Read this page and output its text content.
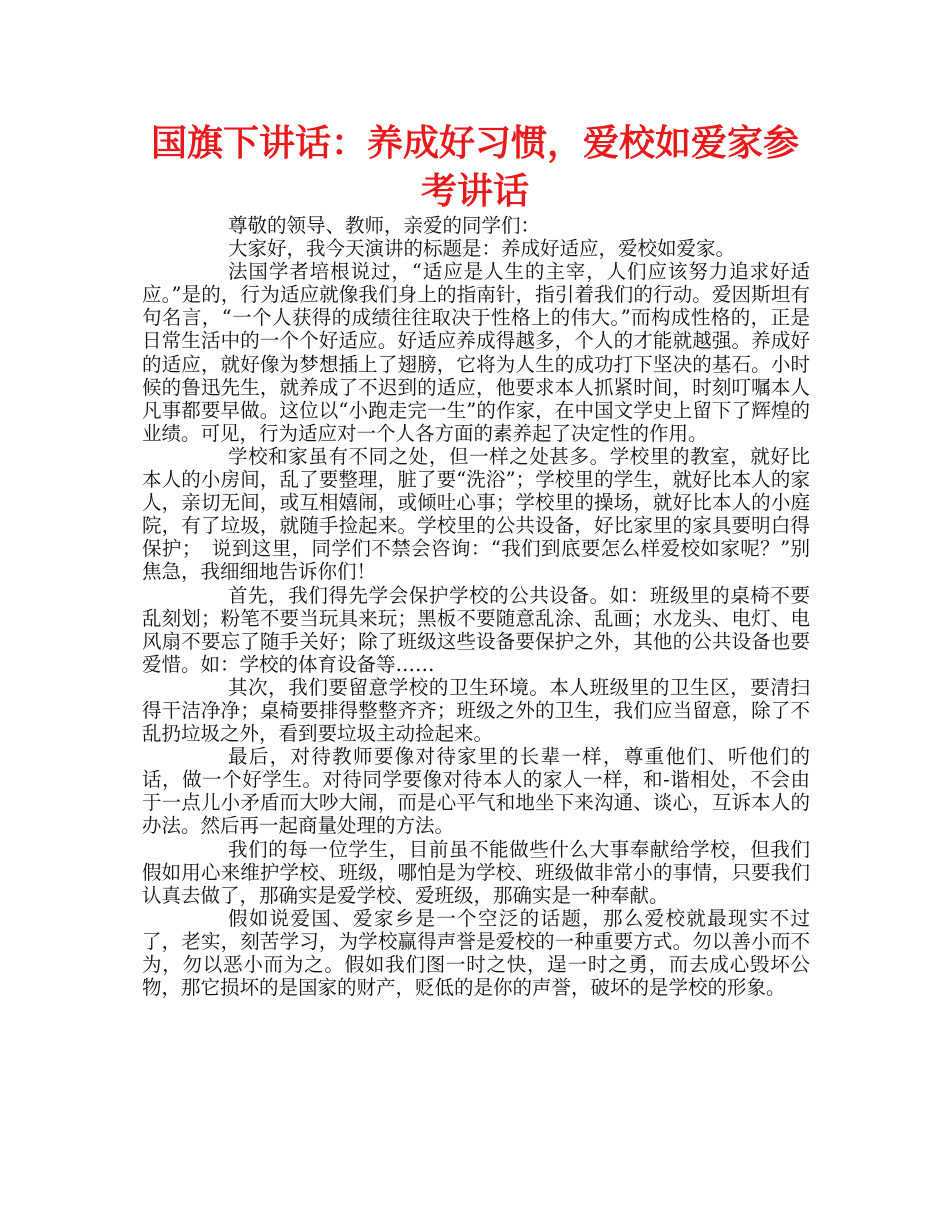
国旗下讲话：养成好习惯，爱校如爱家参考讲话

尊敬的领导、教师，亲爱的同学们：

大家好，我今天演讲的标题是：养成好适应，爱校如爱家。

法国学者培根说过，“适应是人生的主宰，人们应该努力追求好适应。”是的，行为适应就像我们身上的指南针，指引着我们的行动。爱因斯坦有句名言，“一个人获得的成绩往往取决于性格上的伟大。”而构成性格的，正是日常生活中的一个个好适应。好适应养成得越多，个人的才能就越强。养成好的适应，就好像为梦想插上了翅膀，它将为人生的成功打下坚决的基石。小时候的鲁迅先生，就养成了不迟到的适应，他要求本人抓紧时间，时刻叮嘱本人凡事都要早做。这位以“小跑走完一生”的作家，在中国文学史上留下了辉煌的业绩。可见，行为适应对一个人各方面的素养起了决定性的作用。

学校和家虽有不同之处，但一样之处甚多。学校里的教室，就好比本人的小房间，乱了要整理，脏了要“洗浴”；学校里的学生，就好比本人的家人，亲切无间，或互相嬉闹，或倾吐心事；学校里的操场，就好比本人的小庭院，有了垃圾，就随手捡起来。学校里的公共设备，好比家里的家具要明白得保护；　说到这里，同学们不禁会咨询：“我们到底要怎么样爱校如家呢？”别焦急，我细细地告诉你们！

首先，我们得先学会保护学校的公共设备。如：班级里的桌椅不要乱刻划；粉笔不要当玩具来玩；黑板不要随意乱涂、乱画；水龙头、电灯、电风扇不要忘了随手关好；除了班级这些设备要保护之外，其他的公共设备也要爱惜。如：学校的体育设备等……

其次，我们要留意学校的卫生环境。本人班级里的卫生区，要清扫得干洁净净；桌椅要排得整整齐齐；班级之外的卫生，我们应当留意，除了不乱扔垃圾之外，看到要垃圾主动捡起来。

最后，对待教师要像对待家里的长辈一样，尊重他们、听他们的话，做一个好学生。对待同学要像对待本人的家人一样，和-谐相处，不会由于一点儿小矛盾而大吵大闹，而是心平气和地坐下来沟通、谈心，互诉本人的办法。然后再一起商量处理的方法。

我们的每一位学生，目前虽不能做些什么大事奉献给学校，但我们假如用心来维护学校、班级，哪怕是为学校、班级做非常小的事情，只要我们认真去做了，那确实是爱学校、爱班级，那确实是一种奉献。

假如说爱国、爱家乡是一个空泛的话题，那么爱校就最现实不过了，老实，刻苦学习，为学校赢得声誉是爱校的一种重要方式。勿以善小而不为，勿以恶小而为之。假如我们图一时之快，逞一时之勇，而去成心毁坏公物，那它损坏的是国家的财产，贬低的是你的声誉，破坏的是学校的形象。
